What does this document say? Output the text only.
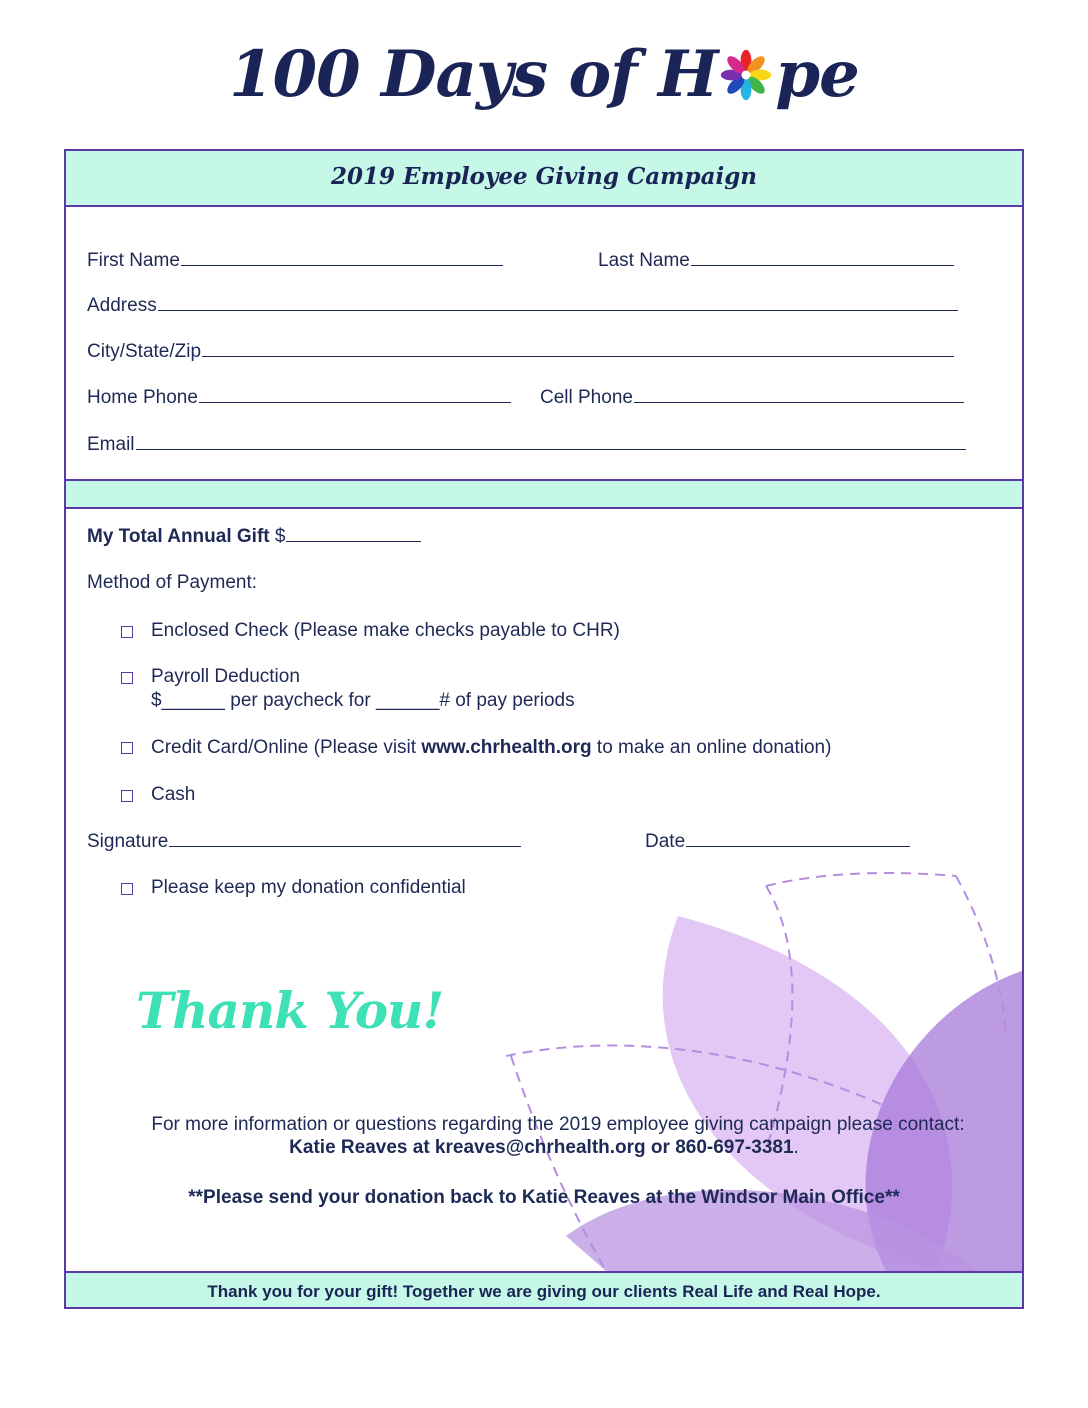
100 Days of H pe
2019 Employee Giving Campaign
First Name	Last Name
Address
City/State/Zip
Home Phone	Cell Phone
Email
My Total Annual Gift
$
Method of Payment:
Enclosed Check (Please make checks payable to CHR)
Payroll Deduction
$______ per paycheck for ______# of pay periods
Credit Card/Online (Please visit www.chrhealth.org to make an online donation)
Cash
Signature	Date
Please keep my donation confidential
Thank You!
For more information or questions regarding the 2019 employee giving campaign please contact:
Katie Reaves at kreaves@chrhealth.org or 860-697-3381.
**Please send your donation back to Katie Reaves at the Windsor Main Office**
Thank you for your gift! Together we are giving our clients Real Life and Real Hope.
